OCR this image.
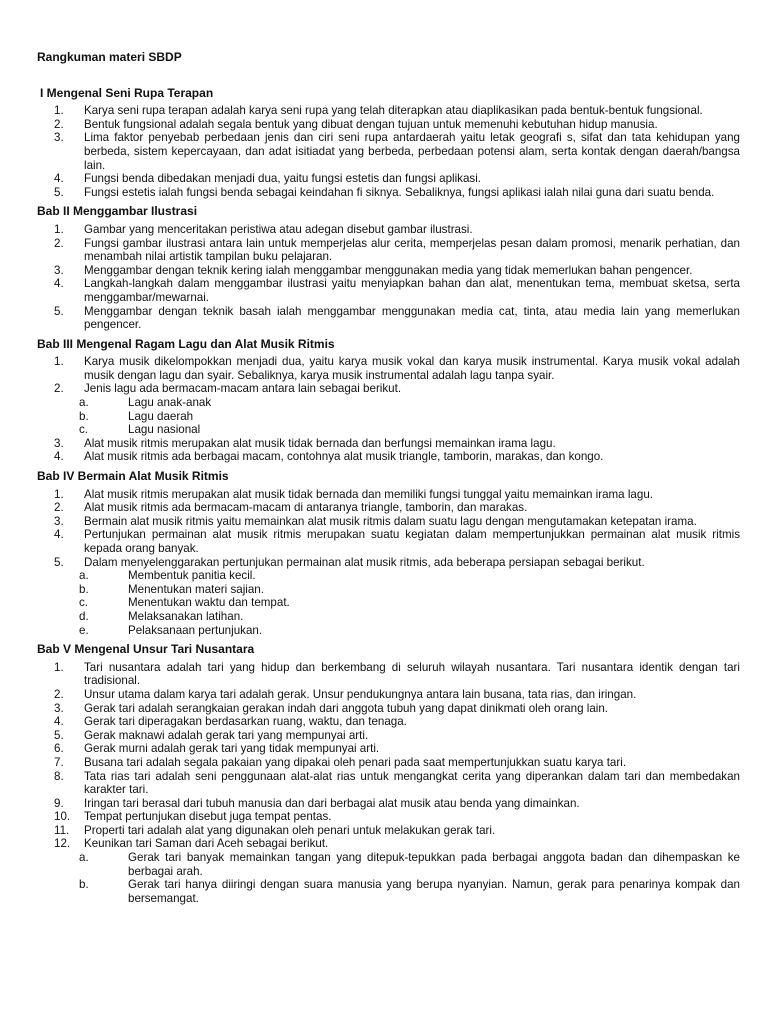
Rangkuman materi SBDP
I Mengenal Seni Rupa Terapan
1.	Karya seni rupa terapan adalah karya seni rupa yang telah diterapkan atau diaplikasikan pada bentuk-bentuk fungsional.
2.	Bentuk fungsional adalah segala bentuk yang dibuat dengan tujuan untuk memenuhi kebutuhan hidup manusia.
3.	Lima faktor penyebab perbedaan jenis dan ciri seni rupa antardaerah yaitu letak geografi s, sifat dan tata kehidupan yang berbeda, sistem kepercayaan, dan adat isitiadat yang berbeda, perbedaan potensi alam, serta kontak dengan daerah/bangsa lain.
4.	Fungsi benda dibedakan menjadi dua, yaitu fungsi estetis dan fungsi aplikasi.
5.	Fungsi estetis ialah fungsi benda sebagai keindahan fi siknya. Sebaliknya, fungsi aplikasi ialah nilai guna dari suatu benda.
Bab II Menggambar Ilustrasi
1.	Gambar yang menceritakan peristiwa atau adegan disebut gambar ilustrasi.
2.	Fungsi gambar ilustrasi antara lain untuk memperjelas alur cerita, memperjelas pesan dalam promosi, menarik perhatian, dan menambah nilai artistik tampilan buku pelajaran.
3.	Menggambar dengan teknik kering ialah menggambar menggunakan media yang tidak memerlukan bahan pengencer.
4.	Langkah-langkah dalam menggambar ilustrasi yaitu menyiapkan bahan dan alat, menentukan tema, membuat sketsa, serta menggambar/mewarnai.
5.	Menggambar dengan teknik basah ialah menggambar menggunakan media cat, tinta, atau media lain yang memerlukan pengencer.
Bab III Mengenal Ragam Lagu dan Alat Musik Ritmis
1.	Karya musik dikelompokkan menjadi dua, yaitu karya musik vokal dan karya musik instrumental. Karya musik vokal adalah musik dengan lagu dan syair. Sebaliknya, karya musik instrumental adalah lagu tanpa syair.
2.	Jenis lagu ada bermacam-macam antara lain sebagai berikut.
a.	Lagu anak-anak
b.	Lagu daerah
c.	Lagu nasional
3.	Alat musik ritmis merupakan alat musik tidak bernada dan berfungsi memainkan irama lagu.
4.	Alat musik ritmis ada berbagai macam, contohnya alat musik triangle, tamborin, marakas, dan kongo.
Bab IV Bermain Alat Musik Ritmis
1.	Alat musik ritmis merupakan alat musik tidak bernada dan memiliki fungsi tunggal yaitu memainkan irama lagu.
2.	Alat musik ritmis ada bermacam-macam di antaranya triangle, tamborin, dan marakas.
3.	Bermain alat musik ritmis yaitu memainkan alat musik ritmis dalam suatu lagu dengan mengutamakan ketepatan irama.
4.	Pertunjukan permainan alat musik ritmis merupakan suatu kegiatan dalam mempertunjukkan permainan alat musik ritmis kepada orang banyak.
5.	Dalam menyelenggarakan pertunjukan permainan alat musik ritmis, ada beberapa persiapan sebagai berikut.
a.	Membentuk panitia kecil.
b.	Menentukan materi sajian.
c.	Menentukan waktu dan tempat.
d.	Melaksanakan latihan.
e.	Pelaksanaan pertunjukan.
Bab V Mengenal Unsur Tari Nusantara
1.	Tari nusantara adalah tari yang hidup dan berkembang di seluruh wilayah nusantara. Tari nusantara identik dengan tari tradisional.
2.	Unsur utama dalam karya tari adalah gerak. Unsur pendukungnya antara lain busana, tata rias, dan iringan.
3.	Gerak tari adalah serangkaian gerakan indah dari anggota tubuh yang dapat dinikmati oleh orang lain.
4.	Gerak tari diperagakan berdasarkan ruang, waktu, dan tenaga.
5.	Gerak maknawi adalah gerak tari yang mempunyai arti.
6.	Gerak murni adalah gerak tari yang tidak mempunyai arti.
7.	Busana tari adalah segala pakaian yang dipakai oleh penari pada saat mempertunjukkan suatu karya tari.
8.	Tata rias tari adalah seni penggunaan alat-alat rias untuk mengangkat cerita yang diperankan dalam tari dan membedakan karakter tari.
9.	Iringan tari berasal dari tubuh manusia dan dari berbagai alat musik atau benda yang dimainkan.
10.	Tempat pertunjukan disebut juga tempat pentas.
11.	Properti tari adalah alat yang digunakan oleh penari untuk melakukan gerak tari.
12.	Keunikan tari Saman dari Aceh sebagai berikut.
a.	Gerak tari banyak memainkan tangan yang ditepuk-tepukkan pada berbagai anggota badan dan dihempaskan ke berbagai arah.
b.	Gerak tari hanya diiringi dengan suara manusia yang berupa nyanyian. Namun, gerak para penarinya kompak dan bersemangat.
